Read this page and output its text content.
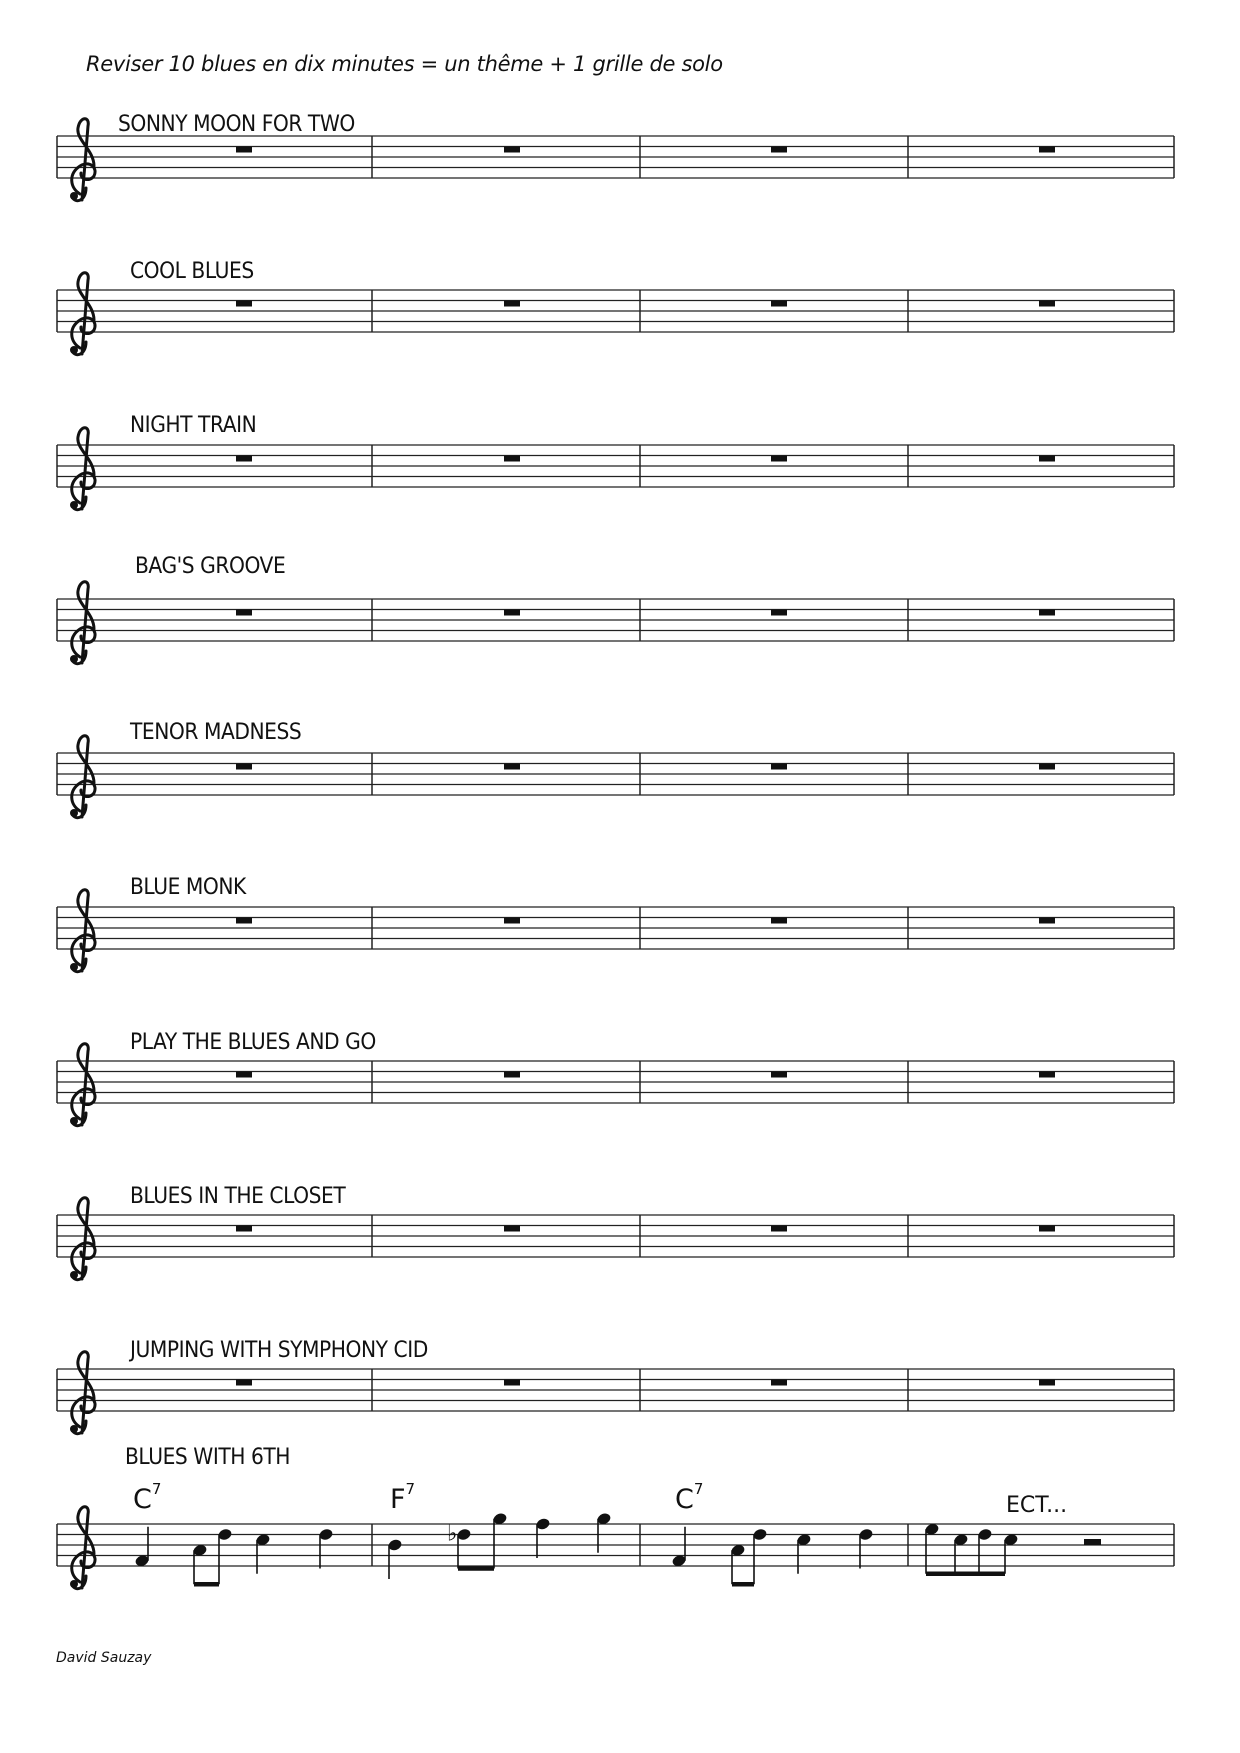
Reviser 10 blues en dix minutes = un thême + 1 grille de solo
SONNY MOON FOR TWO
COOL BLUES
NIGHT TRAIN
BAG'S GROOVE
TENOR MADNESS
BLUE MONK
PLAY THE BLUES AND GO
BLUES IN THE CLOSET
JUMPING WITH SYMPHONY CID
BLUES WITH 6TH
$C^7$	$F^7$	$C^7$
ECT...
David Sauzay
♭
